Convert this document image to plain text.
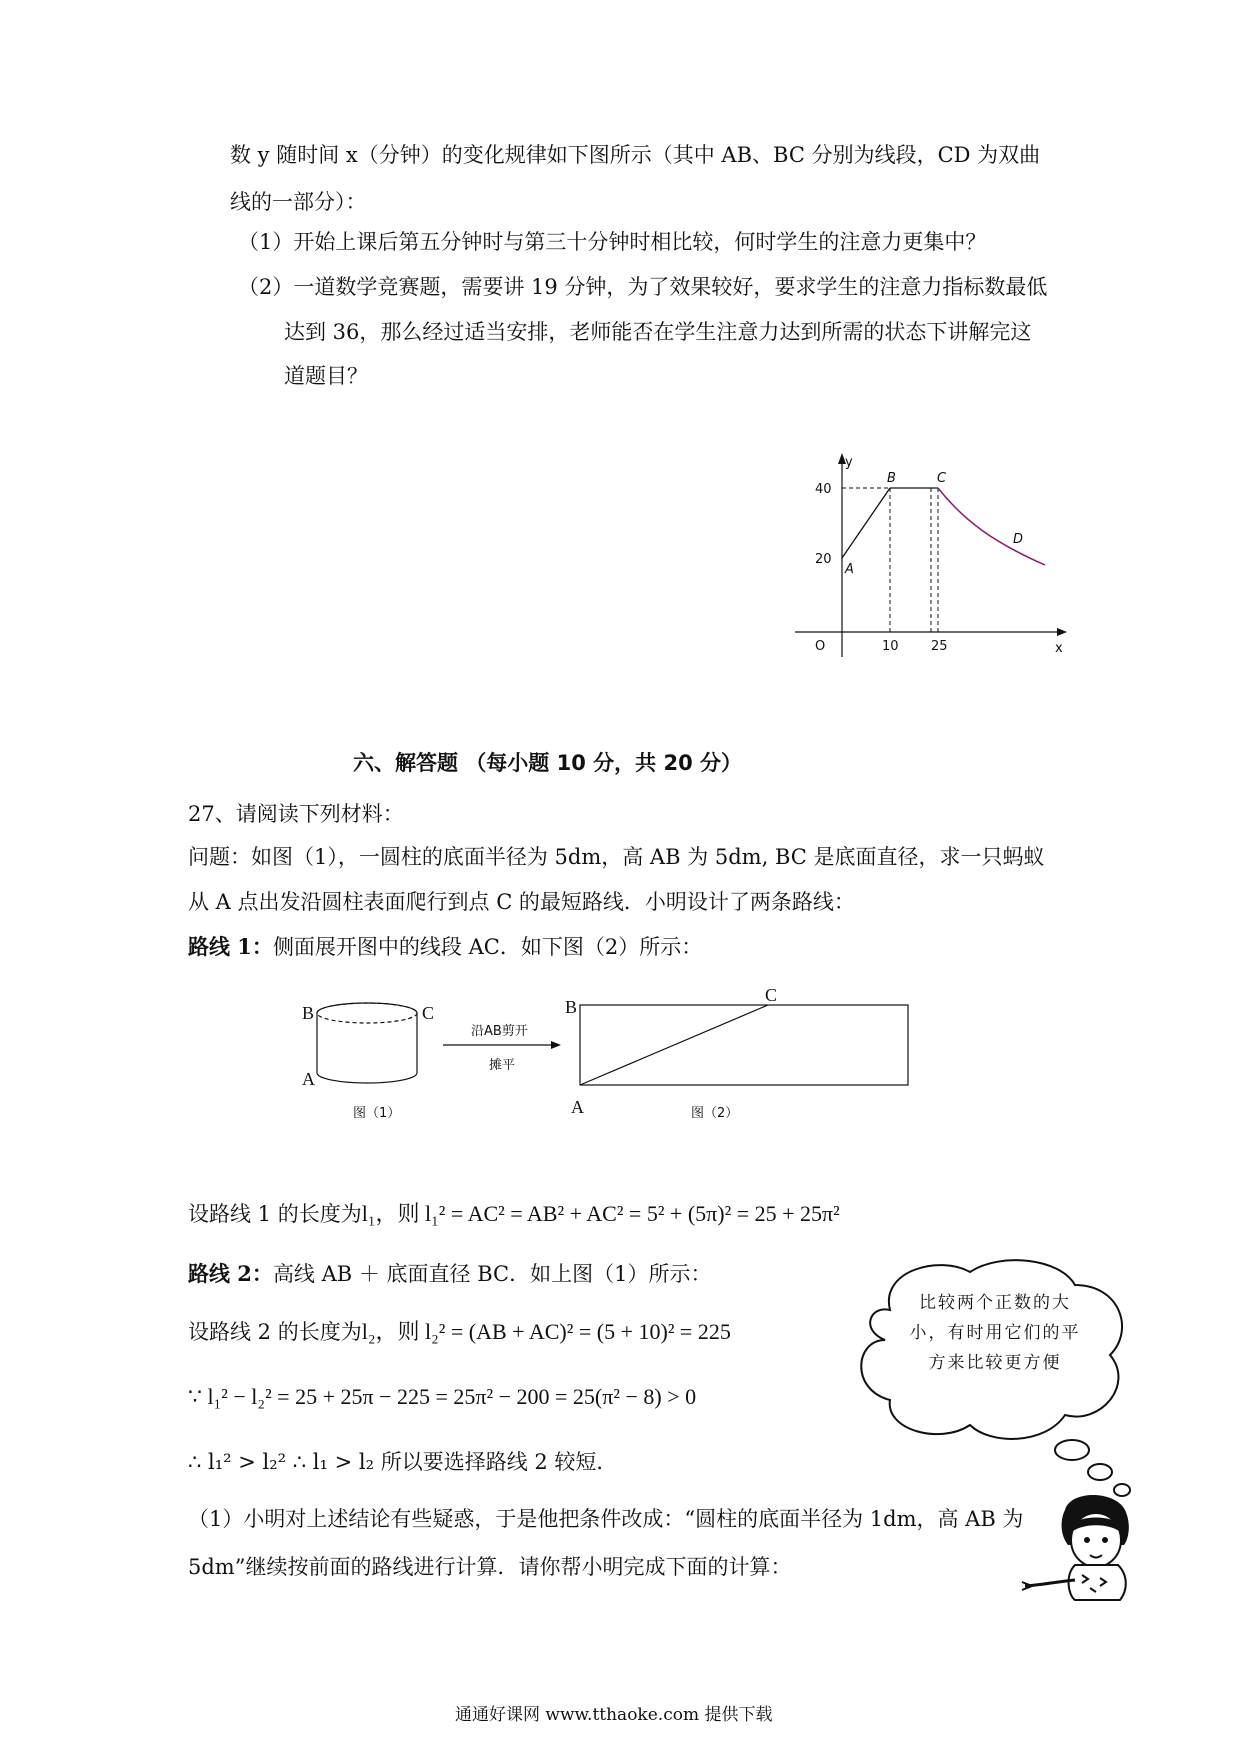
数 y 随时间 x（分钟）的变化规律如下图所示（其中 AB、BC 分别为线段，CD 为双曲
线的一部分）：
（1）开始上课后第五分钟时与第三十分钟时相比较，何时学生的注意力更集中？
（2）一道数学竞赛题，需要讲 19 分钟，为了效果较好，要求学生的注意力指标数最低
达到 36，那么经过适当安排，老师能否在学生注意力达到所需的状态下讲解完这
道题目？
y
x
O
40
20
10 25
A
B	C
D
六、解答题 （每小题 10 分，共 20 分）
27、请阅读下列材料：
问题：如图（1），一圆柱的底面半径为 5dm，高 AB 为 5dm, BC 是底面直径，求一只蚂蚁
从 A 点出发沿圆柱表面爬行到点 C 的最短路线．小明设计了两条路线：
路线 1：侧面展开图中的线段 AC．如下图（2）所示：
B	C
A
沿AB剪开
摊平
B
C
A
图（1）	图（2）
设路线 1 的长度为l₁，则 l₁² = AC² = AB² + AC² = 5² + (5π)² = 25 + 25π²
路线 2：高线 AB ＋ 底面直径 BC．如上图（1）所示：
设路线 2 的长度为l₂，则 l₂² = (AB + AC)² = (5 + 10)² = 225
∵ l₁² − l₂² = 25 + 25π − 225 = 25π² − 200 = 25(π² − 8) > 0
∴ l₁² > l₂² ∴ l₁ > l₂ 所以要选择路线 2 较短．
（1）小明对上述结论有些疑惑，于是他把条件改成：“圆柱的底面半径为 1dm，高 AB 为
5dm”继续按前面的路线进行计算．请你帮小明完成下面的计算：
比较两个正数的大
小，有时用它们的平
方来比较更方便
通通好课网 www.tthaoke.com 提供下载
